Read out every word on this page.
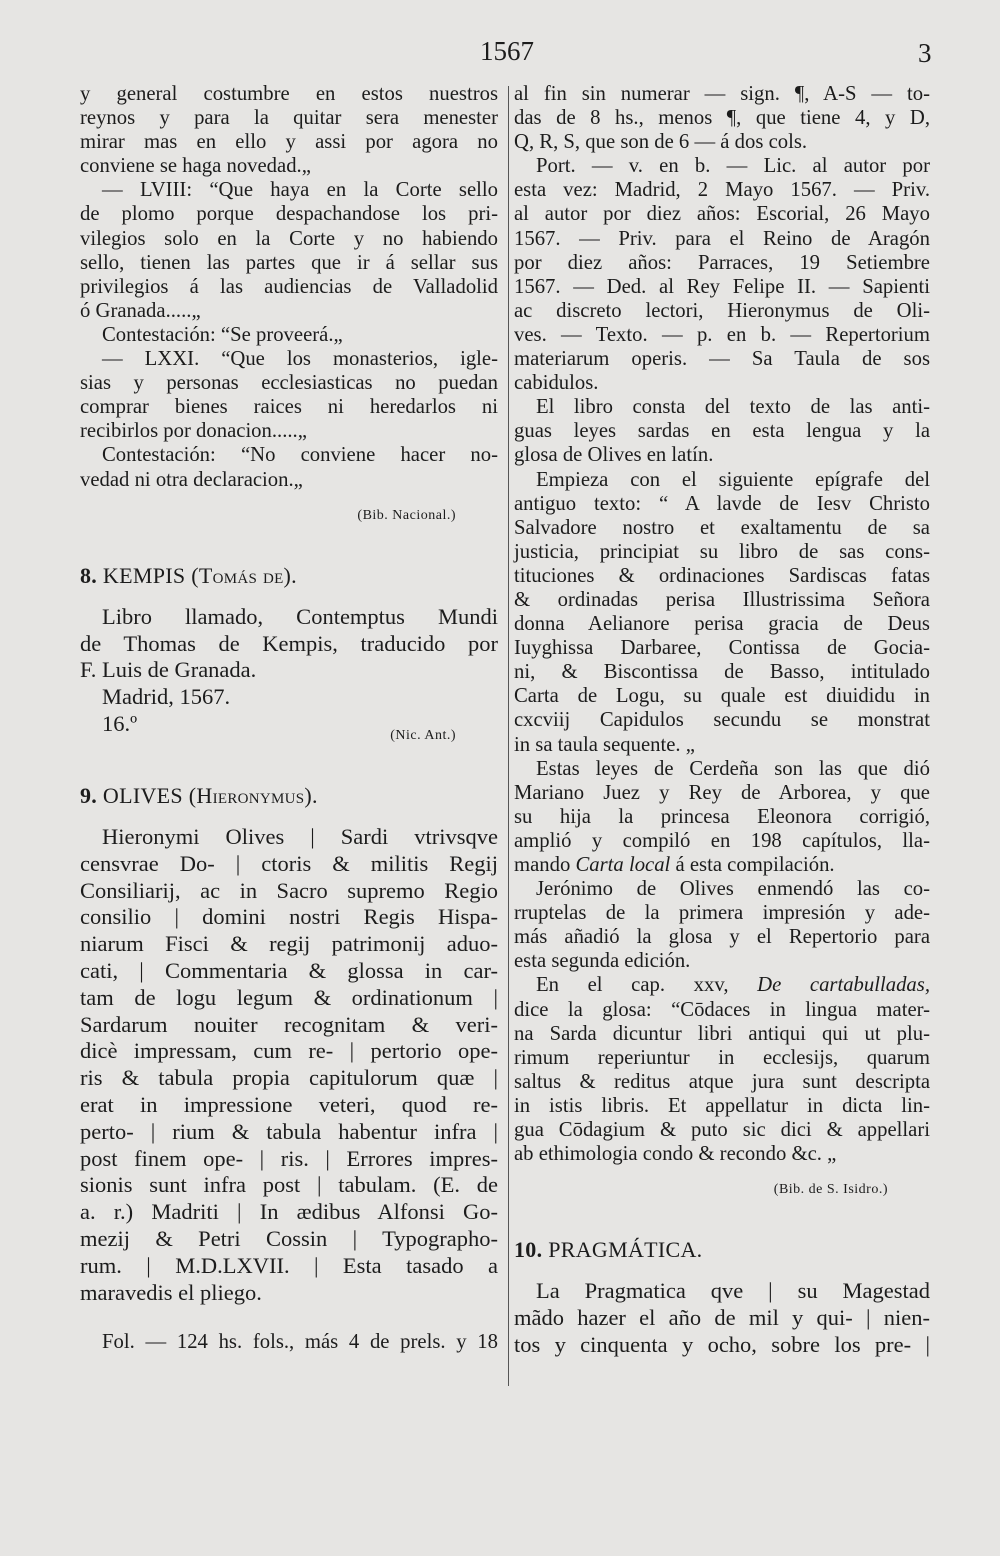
1567	3
y general costumbre en estos nuestros
reynos y para la quitar sera menester
mirar mas en ello y assi por agora no
conviene se haga novedad.„
— LVIII: “Que haya en la Corte sello
de plomo porque despachandose los pri-
vilegios solo en la Corte y no habiendo
sello, tienen las partes que ir á sellar sus
privilegios á las audiencias de Valladolid
ó Granada.....„
Contestación: “Se proveerá.„
— LXXI. “Que los monasterios, igle-
sias y personas ecclesiasticas no puedan
comprar bienes raices ni heredarlos ni
recibirlos por donacion.....„
Contestación: “No conviene hacer no-
vedad ni otra declaracion.„
(Bib. Nacional.)
8. KEMPIS (Tomás de).
Libro llamado, Contemptus Mundi
de Thomas de Kempis, traducido por
F. Luis de Granada.
Madrid, 1567.
16.º	(Nic. Ant.)
9. OLIVES (Hieronymus).
Hieronymi Olives | Sardi vtrivsqve
censvrae Do- | ctoris & militis Regij
Consiliarij, ac in Sacro supremo Regio
consilio | domini nostri Regis Hispa-
niarum Fisci & regij patrimonij aduo-
cati, | Commentaria & glossa in car-
tam de logu legum & ordinationum |
Sardarum nouiter recognitam & veri-
dicè impressam, cum re- | pertorio ope-
ris & tabula propia capitulorum quæ |
erat in impressione veteri, quod re-
perto- | rium & tabula habentur infra |
post finem ope- | ris. | Errores impres-
sionis sunt infra post | tabulam. (E. de
a. r.) Madriti | In ædibus Alfonsi Go-
mezij & Petri Cossin | Typographo-
rum. | M.D.LXVII. | Esta tasado a
maravedis el pliego.
Fol. — 124 hs. fols., más 4 de prels. y 18
al fin sin numerar — sign. ¶, A-S — to-
das de 8 hs., menos ¶, que tiene 4, y D,
Q, R, S, que son de 6 — á dos cols.
Port. — v. en b. — Lic. al autor por
esta vez: Madrid, 2 Mayo 1567. — Priv.
al autor por diez años: Escorial, 26 Mayo
1567. — Priv. para el Reino de Aragón
por diez años: Parraces, 19 Setiembre
1567. — Ded. al Rey Felipe II. — Sapienti
ac discreto lectori, Hieronymus de Oli-
ves. — Texto. — p. en b. — Repertorium
materiarum operis. — Sa Taula de sos
cabidulos.
El libro consta del texto de las anti-
guas leyes sardas en esta lengua y la
glosa de Olives en latín.
Empieza con el siguiente epígrafe del
antiguo texto: “ A lavde de Iesv Christo
Salvadore nostro et exaltamentu de sa
justicia, principiat su libro de sas cons-
tituciones & ordinaciones Sardiscas fatas
& ordinadas perisa Illustrissima Señora
donna Aelianore perisa gracia de Deus
Iuyghissa Darbaree, Contissa de Gocia-
ni, & Biscontissa de Basso, intitulado
Carta de Logu, su quale est diuididu in
cxcviij Capidulos secundu se monstrat
in sa taula sequente. „
Estas leyes de Cerdeña son las que dió
Mariano Juez y Rey de Arborea, y que
su hija la princesa Eleonora corrigió,
amplió y compiló en 198 capítulos, lla-
mando Carta local á esta compilación.
Jerónimo de Olives enmendó las co-
rruptelas de la primera impresión y ade-
más añadió la glosa y el Repertorio para
esta segunda edición.
En el cap. xxv, De cartabulladas,
dice la glosa: “Cōdaces in lingua mater-
na Sarda dicuntur libri antiqui qui ut plu-
rimum reperiuntur in ecclesijs, quarum
saltus & reditus atque jura sunt descripta
in istis libris. Et appellatur in dicta lin-
gua Cōdagium & puto sic dici & appellari
ab ethimologia condo & recondo &c. „
(Bib. de S. Isidro.)
10. PRAGMÁTICA.
La Pragmatica qve | su Magestad
mãdo hazer el año de mil y qui- | nien-
tos y cinquenta y ocho, sobre los pre- |
